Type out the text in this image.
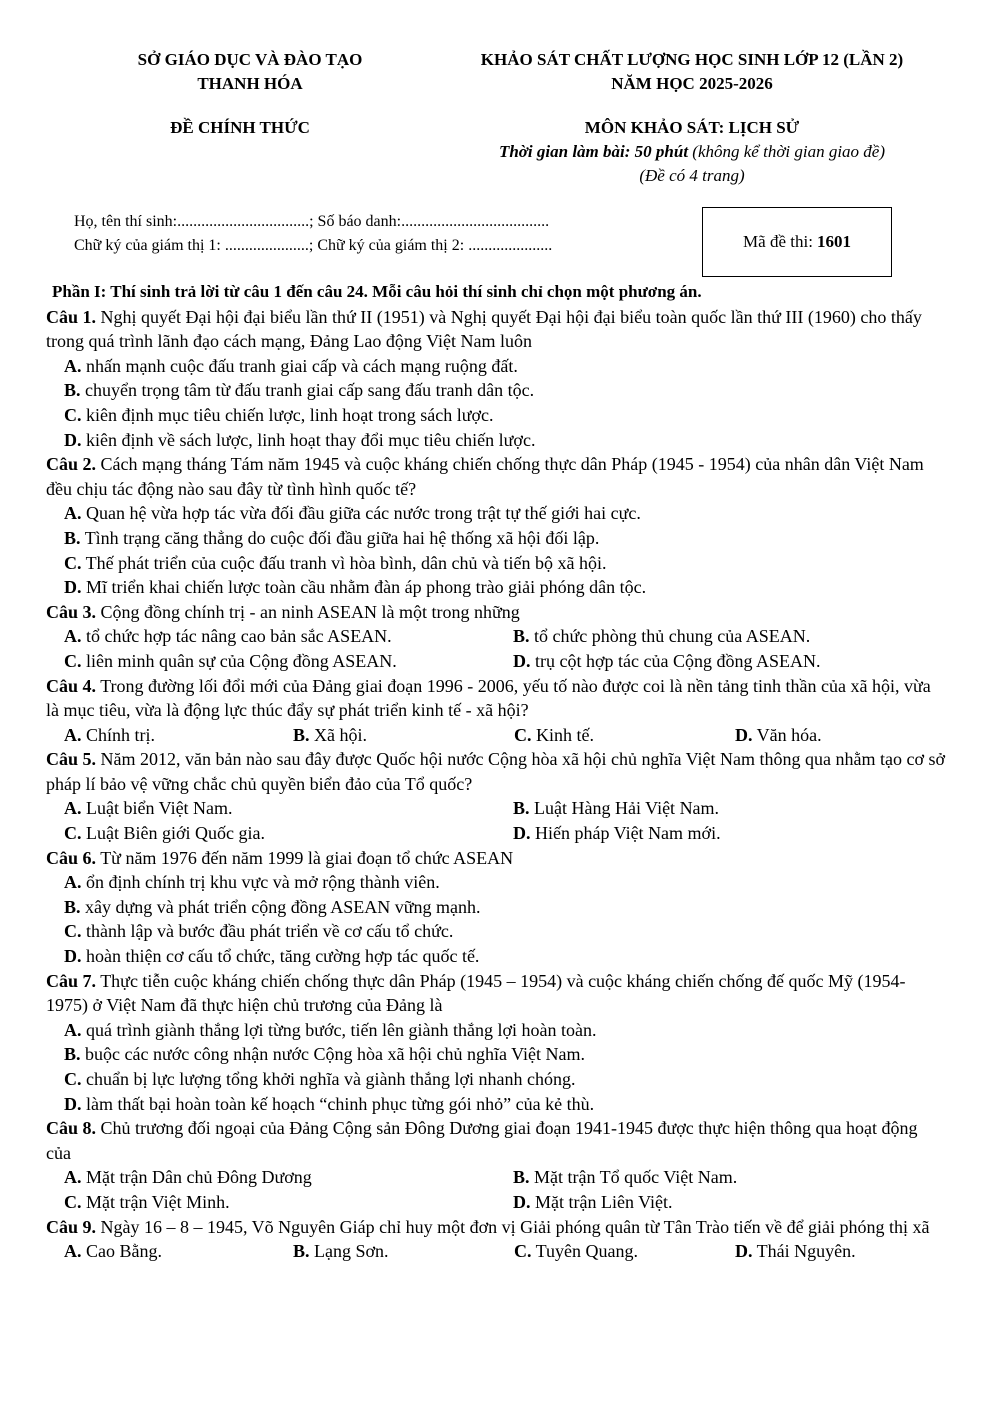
SỞ GIÁO DỤC VÀ ĐÀO TẠO
THANH HÓA
KHẢO SÁT CHẤT LƯỢNG HỌC SINH LỚP 12 (LẦN 2)
NĂM HỌC 2025-2026
ĐỀ CHÍNH THỨC	MÔN KHẢO SÁT: LỊCH SỬ
Thời gian làm bài: 50 phút (không kể thời gian giao đề)
(Đề có 4 trang)
Họ, tên thí sinh:.................................; Số báo danh:.....................................
Chữ ký của giám thị 1: .....................; Chữ ký của giám thị 2: .....................	Mã đề thi: 1601
Phần I: Thí sinh trả lời từ câu 1 đến câu 24. Mỗi câu hỏi thí sinh chỉ chọn một phương án.
Câu 1. Nghị quyết Đại hội đại biểu lần thứ II (1951) và Nghị quyết Đại hội đại biểu toàn quốc lần thứ III (1960) cho thấy trong quá trình lãnh đạo cách mạng, Đảng Lao động Việt Nam luôn
A. nhấn mạnh cuộc đấu tranh giai cấp và cách mạng ruộng đất.
B. chuyển trọng tâm từ đấu tranh giai cấp sang đấu tranh dân tộc.
C. kiên định mục tiêu chiến lược, linh hoạt trong sách lược.
D. kiên định về sách lược, linh hoạt thay đổi mục tiêu chiến lược.
Câu 2. Cách mạng tháng Tám năm 1945 và cuộc kháng chiến chống thực dân Pháp (1945 - 1954) của nhân dân Việt Nam đều chịu tác động nào sau đây từ tình hình quốc tế?
A. Quan hệ vừa hợp tác vừa đối đầu giữa các nước trong trật tự thế giới hai cực.
B. Tình trạng căng thẳng do cuộc đối đầu giữa hai hệ thống xã hội đối lập.
C. Thế phát triển của cuộc đấu tranh vì hòa bình, dân chủ và tiến bộ xã hội.
D. Mĩ triển khai chiến lược toàn cầu nhằm đàn áp phong trào giải phóng dân tộc.
Câu 3. Cộng đồng chính trị - an ninh ASEAN là một trong những
A. tổ chức hợp tác nâng cao bản sắc ASEAN.	B. tổ chức phòng thủ chung của ASEAN.
C. liên minh quân sự của Cộng đồng ASEAN.	D. trụ cột hợp tác của Cộng đồng ASEAN.
Câu 4. Trong đường lối đổi mới của Đảng giai đoạn 1996 - 2006, yếu tố nào được coi là nền tảng tinh thần của xã hội, vừa là mục tiêu, vừa là động lực thúc đẩy sự phát triển kinh tế - xã hội?
A. Chính trị.	B. Xã hội.	C. Kinh tế.	D. Văn hóa.
Câu 5. Năm 2012, văn bản nào sau đây được Quốc hội nước Cộng hòa xã hội chủ nghĩa Việt Nam thông qua nhằm tạo cơ sở pháp lí bảo vệ vững chắc chủ quyền biển đảo của Tổ quốc?
A. Luật biển Việt Nam.	B. Luật Hàng Hải Việt Nam.
C. Luật Biên giới Quốc gia.	D. Hiến pháp Việt Nam mới.
Câu 6. Từ năm 1976 đến năm 1999 là giai đoạn tổ chức ASEAN
A. ổn định chính trị khu vực và mở rộng thành viên.
B. xây dựng và phát triển cộng đồng ASEAN vững mạnh.
C. thành lập và bước đầu phát triển về cơ cấu tổ chức.
D. hoàn thiện cơ cấu tổ chức, tăng cường hợp tác quốc tế.
Câu 7. Thực tiễn cuộc kháng chiến chống thực dân Pháp (1945 – 1954) và cuộc kháng chiến chống đế quốc Mỹ (1954-1975) ở Việt Nam đã thực hiện chủ trương của Đảng là
A. quá trình giành thắng lợi từng bước, tiến lên giành thắng lợi hoàn toàn.
B. buộc các nước công nhận nước Cộng hòa xã hội chủ nghĩa Việt Nam.
C. chuẩn bị lực lượng tổng khởi nghĩa và giành thắng lợi nhanh chóng.
D. làm thất bại hoàn toàn kế hoạch “chinh phục từng gói nhỏ” của kẻ thù.
Câu 8. Chủ trương đối ngoại của Đảng Cộng sản Đông Dương giai đoạn 1941-1945 được thực hiện thông qua hoạt động của
A. Mặt trận Dân chủ Đông Dương	B. Mặt trận Tổ quốc Việt Nam.
C. Mặt trận Việt Minh.	D. Mặt trận Liên Việt.
Câu 9. Ngày 16 – 8 – 1945, Võ Nguyên Giáp chỉ huy một đơn vị Giải phóng quân từ Tân Trào tiến về để giải phóng thị xã
A. Cao Bằng.	B. Lạng Sơn.	C. Tuyên Quang.	D. Thái Nguyên.
